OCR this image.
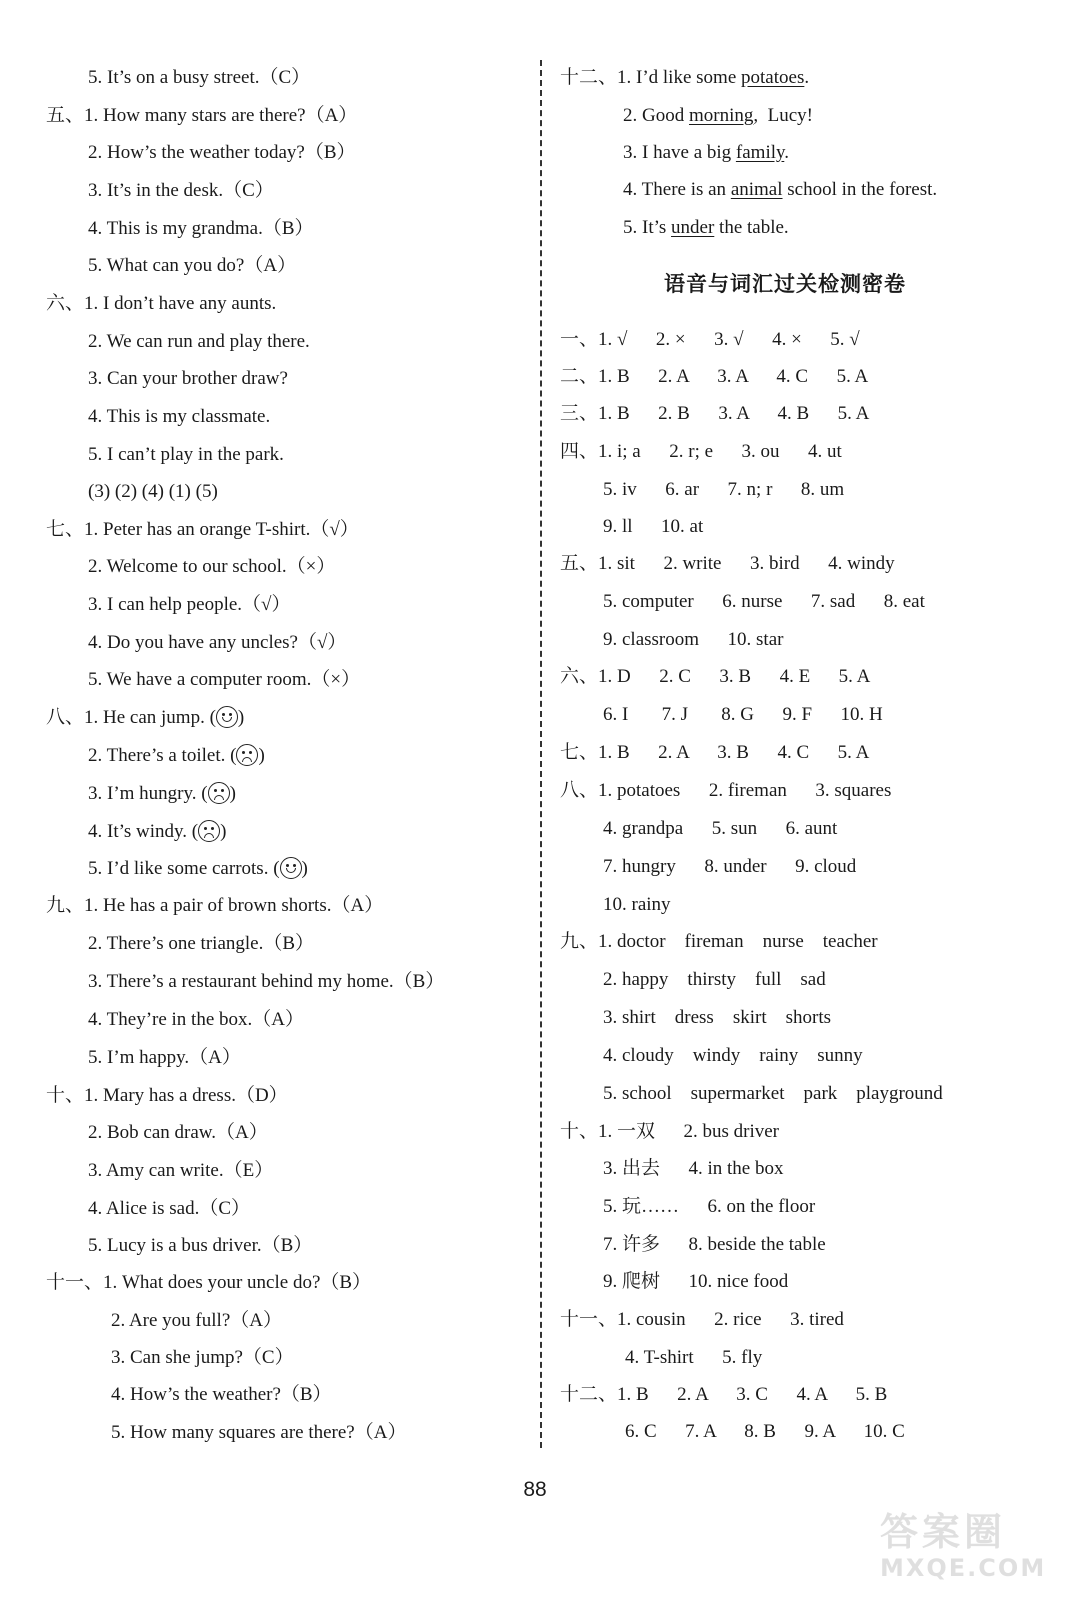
5. It’s on a busy street.（C）
五、1. How many stars are there?（A）
2. How’s the weather today?（B）
3. It’s in the desk.（C）
4. This is my grandma.（B）
5. What can you do?（A）
六、1. I don’t have any aunts.
2. We can run and play there.
3. Can your brother draw?
4. This is my classmate.
5. I can’t play in the park.
(3) (2) (4) (1) (5)
七、1. Peter has an orange T-shirt.（√）
2. Welcome to our school.（×）
3. I can help people.（√）
4. Do you have any uncles?（√）
5. We have a computer room.（×）
九、1. He has a pair of brown shorts.（A）
2. There’s one triangle.（B）
3. There’s a restaurant behind my home.（B）
4. They’re in the box.（A）
5. I’m happy.（A）
十、1. Mary has a dress.（D）
2. Bob can draw.（A）
3. Amy can write.（E）
4. Alice is sad.（C）
5. Lucy is a bus driver.（B）
十一、1. What does your uncle do?（B）
2. Are you full?（A）
3. Can she jump?（C）
4. How’s the weather?（B）
5. How many squares are there?（A）
一、1. √      2. ×      3. √      4. ×      5. √
二、1. B      2. A      3. A      4. C      5. A
三、1. B      2. B      3. A      4. B      5. A
四、1. i; a      2. r; e      3. ou      4. ut
5. iv      6. ar      7. n; r      8. um
9. ll      10. at
五、1. sit      2. write      3. bird      4. windy
5. computer      6. nurse      7. sad      8. eat
9. classroom      10. star
六、1. D      2. C      3. B      4. E      5. A
6. I       7. J       8. G      9. F      10. H
七、1. B      2. A      3. B      4. C      5. A
八、1. potatoes      2. fireman      3. squares
4. grandpa      5. sun      6. aunt
7. hungry      8. under      9. cloud
10. rainy
九、1. doctor    fireman    nurse    teacher
2. happy    thirsty    full    sad
3. shirt    dress    skirt    shorts
4. cloudy    windy    rainy    sunny
5. school    supermarket    park    playground
十、1. 一双      2. bus driver
3. 出去      4. in the box
5. 玩……      6. on the floor
7. 许多      8. beside the table
9. 爬树      10. nice food
十一、1. cousin      2. rice      3. tired
4. T-shirt      5. fly
十二、1. B      2. A      3. C      4. A      5. B
6. C      7. A      8. B      9. A      10. C
八、1. He can jump. ( )
2. There’s a toilet. ( )
3. I’m hungry. ( )
4. It’s windy. ( )
5. I’d like some carrots. ( )
十二、1. I’d like some potatoes.
2. Good morning,  Lucy!
3. I have a big family.
4. There is an animal school in the forest.
5. It’s under the table.
语音与词汇过关检测密卷
88
答案圈
MXQE.COM
